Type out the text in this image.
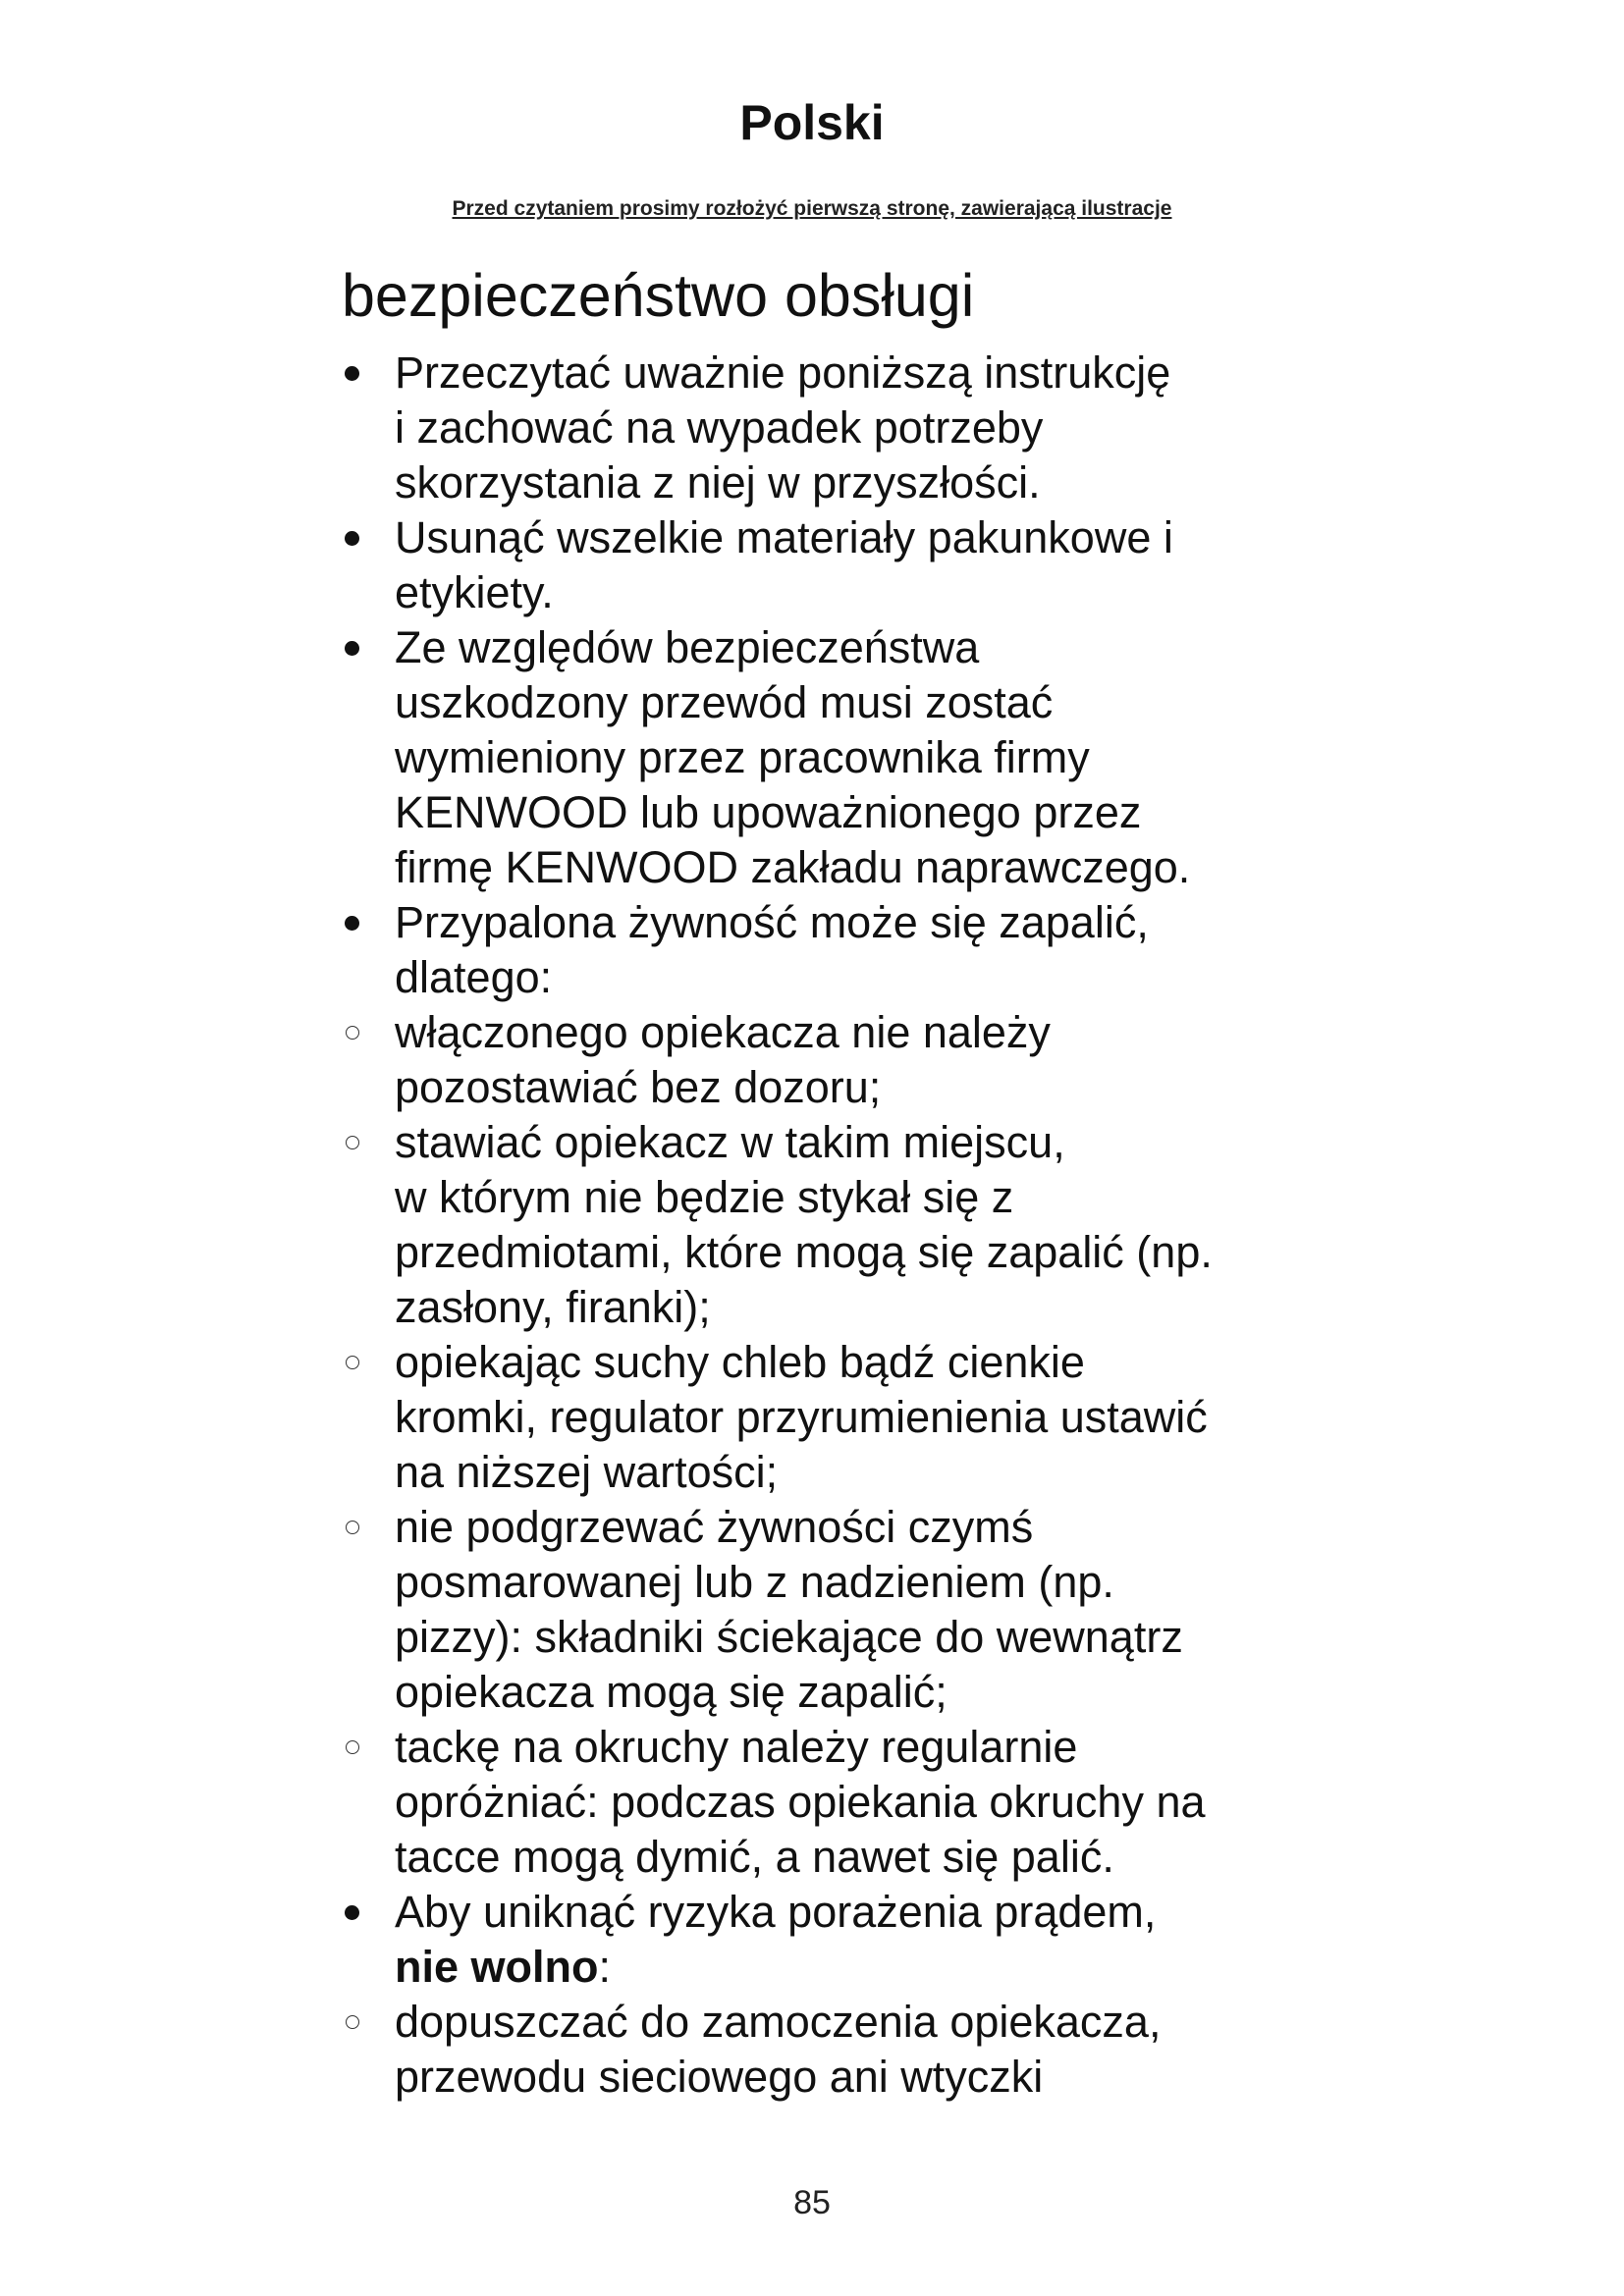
Polski
Przed czytaniem prosimy rozłożyć pierwszą stronę, zawierającą ilustracje
bezpieczeństwo obsługi
Przeczytać uważnie poniższą instrukcję
i zachować na wypadek potrzeby
skorzystania z niej w przyszłości.
Usunąć wszelkie materiały pakunkowe i
etykiety.
Ze względów bezpieczeństwa
uszkodzony przewód musi zostać
wymieniony przez pracownika firmy
KENWOOD lub upoważnionego przez
firmę KENWOOD zakładu naprawczego.
Przypalona żywność może się zapalić,
dlatego:
włączonego opiekacza nie należy
pozostawiać bez dozoru;
stawiać opiekacz w takim miejscu,
w którym nie będzie stykał się z
przedmiotami, które mogą się zapalić (np.
zasłony, firanki);
opiekając suchy chleb bądź cienkie
kromki, regulator przyrumienienia ustawić
na niższej wartości;
nie podgrzewać żywności czymś
posmarowanej lub z nadzieniem (np.
pizzy): składniki ściekające do wewnątrz
opiekacza mogą się zapalić;
tackę na okruchy należy regularnie
opróżniać: podczas opiekania okruchy na
tacce mogą dymić, a nawet się palić.
Aby uniknąć ryzyka porażenia prądem,
nie wolno:
dopuszczać do zamoczenia opiekacza,
przewodu sieciowego ani wtyczki
85
